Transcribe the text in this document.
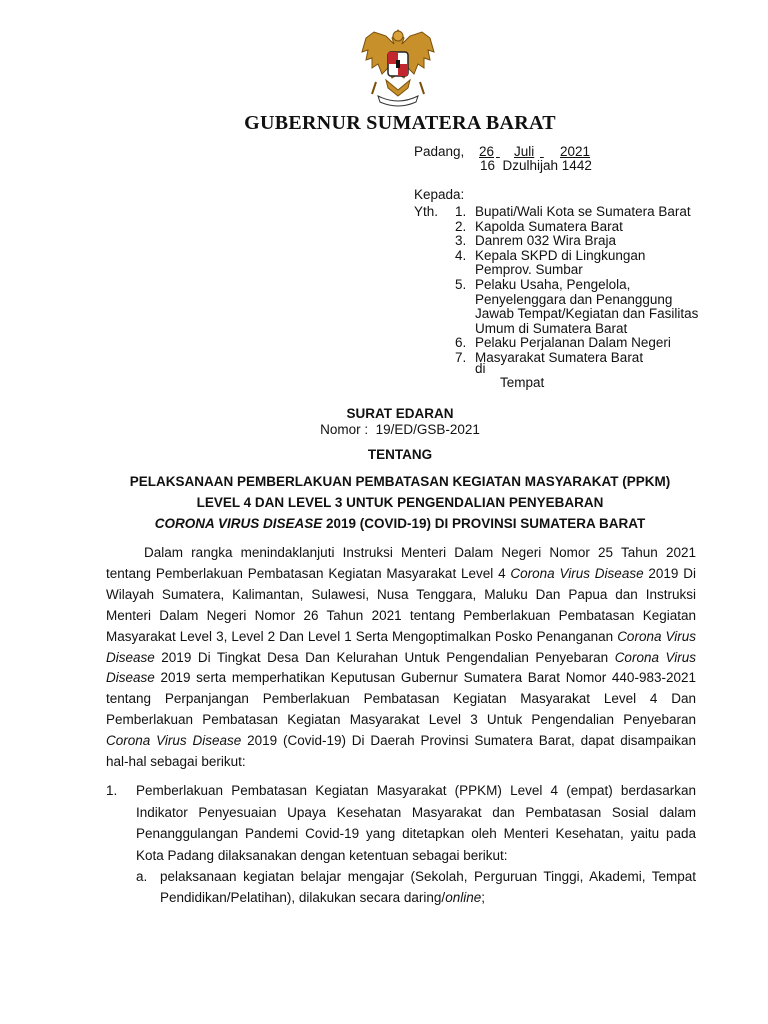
GUBERNUR SUMATERA BARAT
Padang, 26 Juli 2021
16  Dzulhijah 1442
Kepada:
Yth. 1. Bupati/Wali Kota se Sumatera Barat
2. Kapolda Sumatera Barat
3. Danrem 032 Wira Braja
4. Kepala SKPD di Lingkungan Pemprov. Sumbar
5. Pelaku Usaha, Pengelola, Penyelenggara dan Penanggung Jawab Tempat/Kegiatan dan Fasilitas Umum di Sumatera Barat
6. Pelaku Perjalanan Dalam Negeri
7. Masyarakat Sumatera Barat
di
Tempat
SURAT EDARAN
Nomor :  19/ED/GSB-2021
TENTANG
PELAKSANAAN PEMBERLAKUAN PEMBATASAN KEGIATAN MASYARAKAT (PPKM)
LEVEL 4 DAN LEVEL 3 UNTUK PENGENDALIAN PENYEBARAN
CORONA VIRUS DISEASE 2019 (COVID-19) DI PROVINSI SUMATERA BARAT
Dalam rangka menindaklanjuti Instruksi Menteri Dalam Negeri Nomor 25 Tahun 2021 tentang Pemberlakuan Pembatasan Kegiatan Masyarakat Level 4 Corona Virus Disease 2019 Di Wilayah Sumatera, Kalimantan, Sulawesi, Nusa Tenggara, Maluku Dan Papua dan Instruksi Menteri Dalam Negeri Nomor 26 Tahun 2021 tentang Pemberlakuan Pembatasan Kegiatan Masyarakat Level 3, Level 2 Dan Level 1 Serta Mengoptimalkan Posko Penanganan Corona Virus Disease 2019 Di Tingkat Desa Dan Kelurahan Untuk Pengendalian Penyebaran Corona Virus Disease 2019 serta memperhatikan Keputusan Gubernur Sumatera Barat Nomor 440-983-2021 tentang Perpanjangan Pemberlakuan Pembatasan Kegiatan Masyarakat Level 4 Dan Pemberlakuan Pembatasan Kegiatan Masyarakat Level 3 Untuk Pengendalian Penyebaran Corona Virus Disease 2019 (Covid-19) Di Daerah Provinsi Sumatera Barat, dapat disampaikan hal-hal sebagai berikut:
1.	Pemberlakuan Pembatasan Kegiatan Masyarakat (PPKM) Level 4 (empat) berdasarkan Indikator Penyesuaian Upaya Kesehatan Masyarakat dan Pembatasan Sosial dalam Penanggulangan Pandemi Covid-19 yang ditetapkan oleh Menteri Kesehatan, yaitu pada Kota Padang dilaksanakan dengan ketentuan sebagai berikut:
a. pelaksanaan kegiatan belajar mengajar (Sekolah, Perguruan Tinggi, Akademi, Tempat Pendidikan/Pelatihan), dilakukan secara daring/online;
